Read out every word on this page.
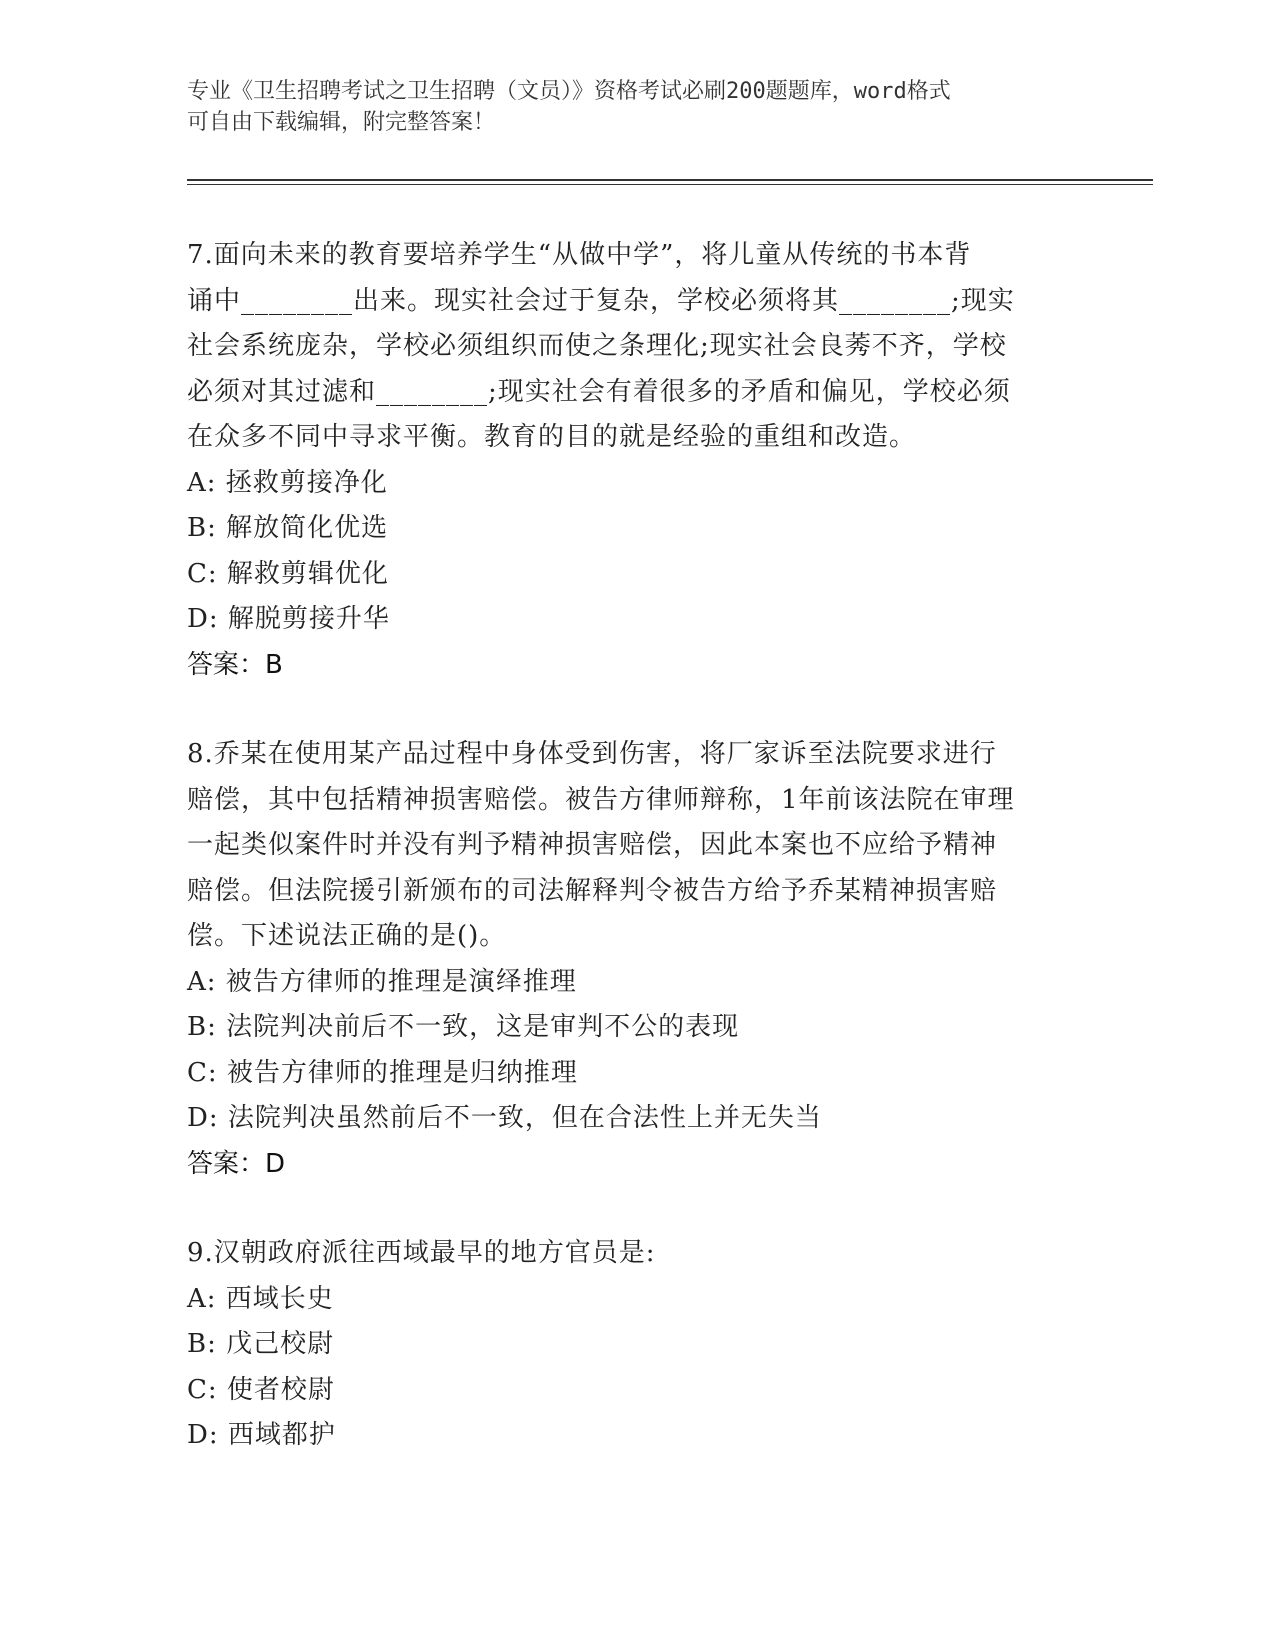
专业《卫生招聘考试之卫生招聘（文员）》资格考试必刷200题题库，word格式
可自由下载编辑，附完整答案！
7.面向未来的教育要培养学生“从做中学”，将儿童从传统的书本背
诵中________出来。现实社会过于复杂，学校必须将其________;现实
社会系统庞杂，学校必须组织而使之条理化;现实社会良莠不齐，学校
必须对其过滤和________;现实社会有着很多的矛盾和偏见，学校必须
在众多不同中寻求平衡。教育的目的就是经验的重组和改造。
A: 拯救剪接净化
B: 解放简化优选
C: 解救剪辑优化
D: 解脱剪接升华
答案：B
8.乔某在使用某产品过程中身体受到伤害，将厂家诉至法院要求进行
赔偿，其中包括精神损害赔偿。被告方律师辩称，1年前该法院在审理
一起类似案件时并没有判予精神损害赔偿，因此本案也不应给予精神
赔偿。但法院援引新颁布的司法解释判令被告方给予乔某精神损害赔
偿。下述说法正确的是()。
A: 被告方律师的推理是演绎推理
B: 法院判决前后不一致，这是审判不公的表现
C: 被告方律师的推理是归纳推理
D: 法院判决虽然前后不一致，但在合法性上并无失当
答案：D
9.汉朝政府派往西域最早的地方官员是:
A: 西域长史
B: 戊己校尉
C: 使者校尉
D: 西域都护
